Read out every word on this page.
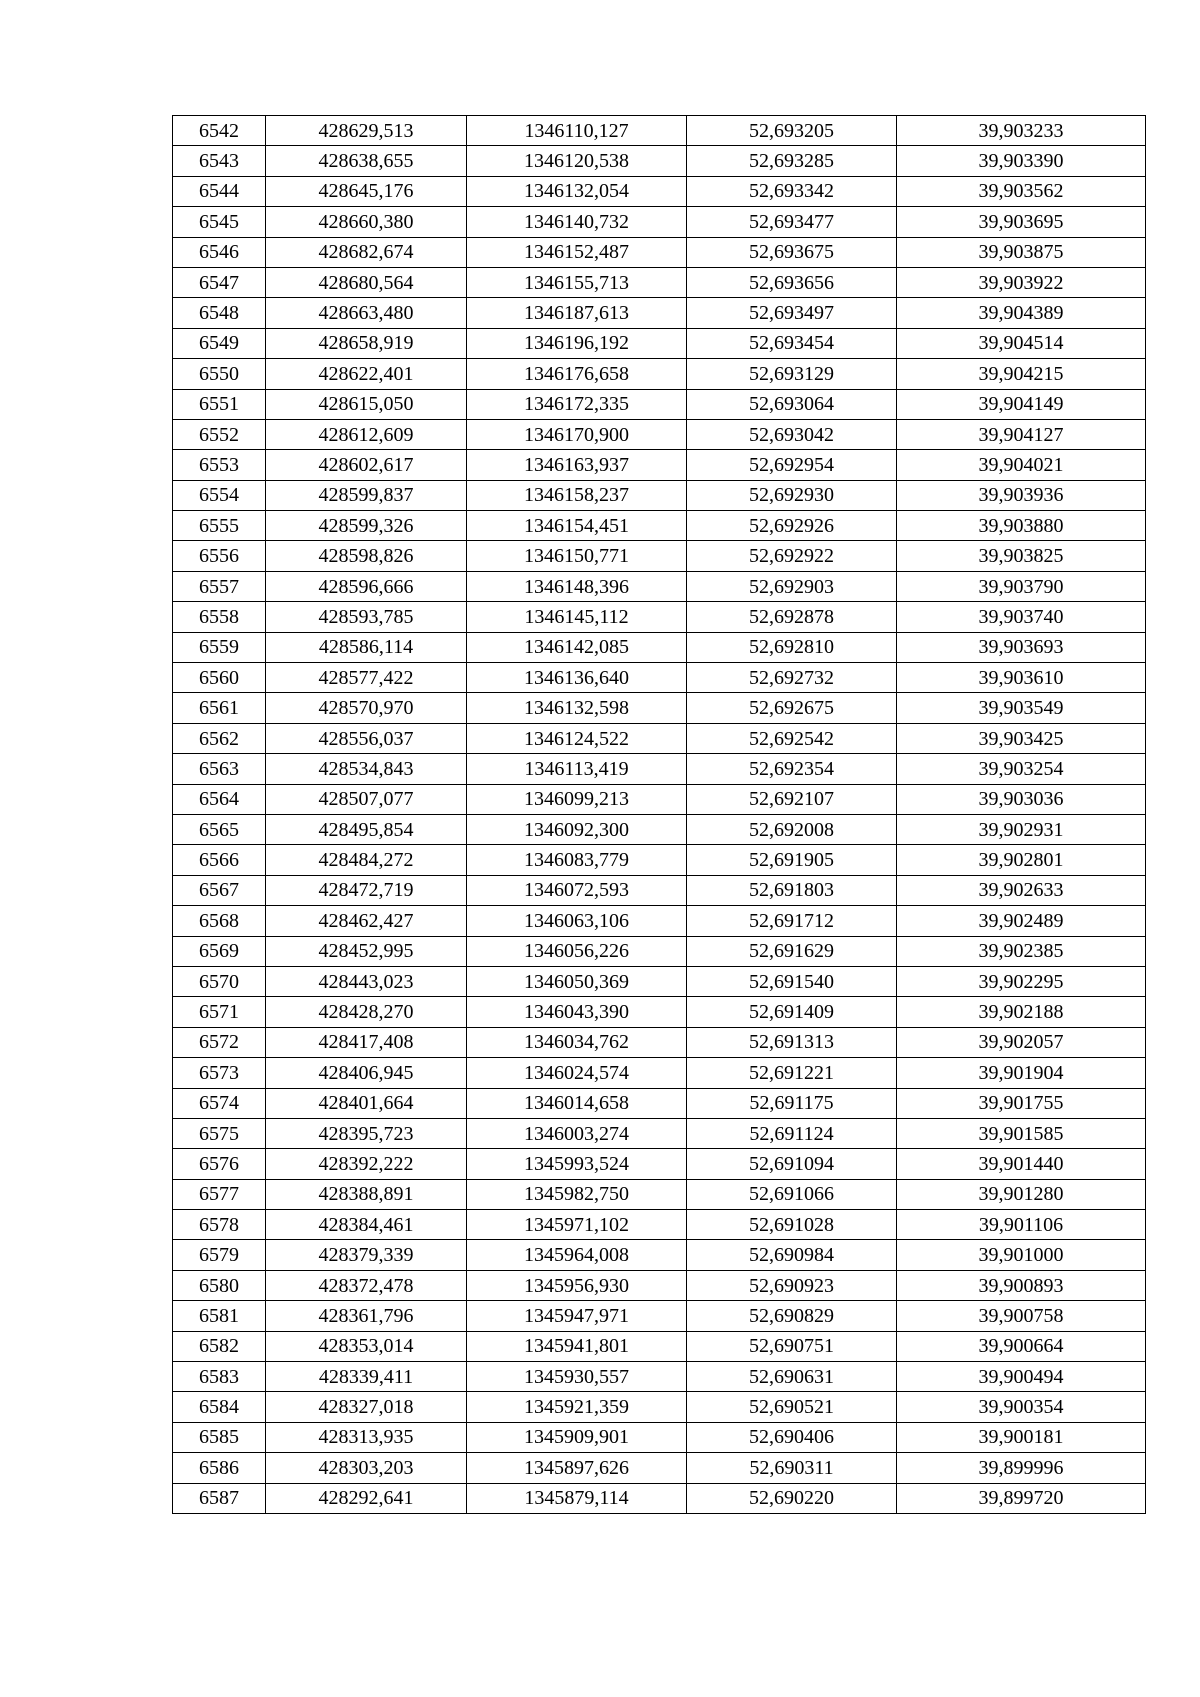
6542	428629,513	1346110,127	52,693205	39,903233
6543	428638,655	1346120,538	52,693285	39,903390
6544	428645,176	1346132,054	52,693342	39,903562
6545	428660,380	1346140,732	52,693477	39,903695
6546	428682,674	1346152,487	52,693675	39,903875
6547	428680,564	1346155,713	52,693656	39,903922
6548	428663,480	1346187,613	52,693497	39,904389
6549	428658,919	1346196,192	52,693454	39,904514
6550	428622,401	1346176,658	52,693129	39,904215
6551	428615,050	1346172,335	52,693064	39,904149
6552	428612,609	1346170,900	52,693042	39,904127
6553	428602,617	1346163,937	52,692954	39,904021
6554	428599,837	1346158,237	52,692930	39,903936
6555	428599,326	1346154,451	52,692926	39,903880
6556	428598,826	1346150,771	52,692922	39,903825
6557	428596,666	1346148,396	52,692903	39,903790
6558	428593,785	1346145,112	52,692878	39,903740
6559	428586,114	1346142,085	52,692810	39,903693
6560	428577,422	1346136,640	52,692732	39,903610
6561	428570,970	1346132,598	52,692675	39,903549
6562	428556,037	1346124,522	52,692542	39,903425
6563	428534,843	1346113,419	52,692354	39,903254
6564	428507,077	1346099,213	52,692107	39,903036
6565	428495,854	1346092,300	52,692008	39,902931
6566	428484,272	1346083,779	52,691905	39,902801
6567	428472,719	1346072,593	52,691803	39,902633
6568	428462,427	1346063,106	52,691712	39,902489
6569	428452,995	1346056,226	52,691629	39,902385
6570	428443,023	1346050,369	52,691540	39,902295
6571	428428,270	1346043,390	52,691409	39,902188
6572	428417,408	1346034,762	52,691313	39,902057
6573	428406,945	1346024,574	52,691221	39,901904
6574	428401,664	1346014,658	52,691175	39,901755
6575	428395,723	1346003,274	52,691124	39,901585
6576	428392,222	1345993,524	52,691094	39,901440
6577	428388,891	1345982,750	52,691066	39,901280
6578	428384,461	1345971,102	52,691028	39,901106
6579	428379,339	1345964,008	52,690984	39,901000
6580	428372,478	1345956,930	52,690923	39,900893
6581	428361,796	1345947,971	52,690829	39,900758
6582	428353,014	1345941,801	52,690751	39,900664
6583	428339,411	1345930,557	52,690631	39,900494
6584	428327,018	1345921,359	52,690521	39,900354
6585	428313,935	1345909,901	52,690406	39,900181
6586	428303,203	1345897,626	52,690311	39,899996
6587	428292,641	1345879,114	52,690220	39,899720
